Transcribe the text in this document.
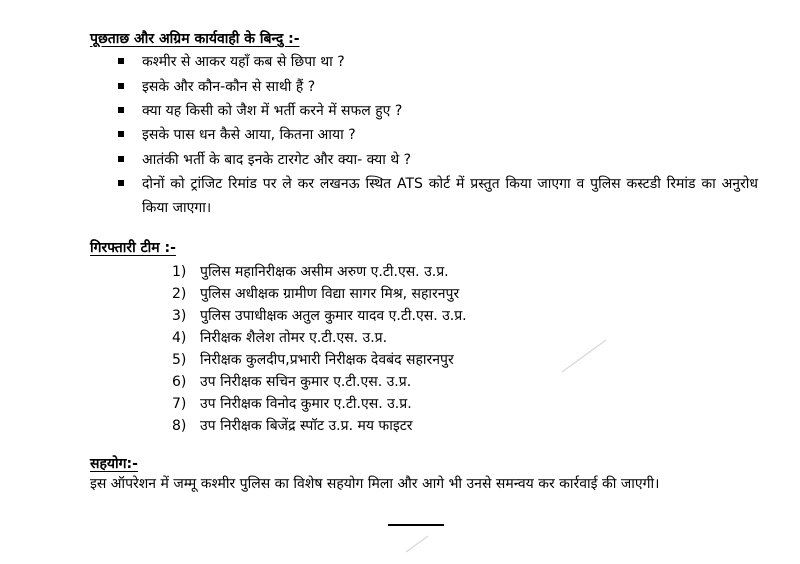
पूछताछ और अग्रिम कार्यवाही के बिन्दु :-
कश्मीर से आकर यहाँ कब से छिपा था ?
इसके और कौन-कौन से साथी हैं ?
क्या यह किसी को जैश में भर्ती करने में सफल हुए ?
इसके पास धन कैसे आया, कितना आया ?
आतंकी भर्ती के बाद इनके टारगेट और क्या- क्या थे ?
दोनों को ट्रांजिट रिमांड पर ले कर लखनऊ स्थित ATS कोर्ट में प्रस्तुत किया जाएगा व पुलिस कस्टडी रिमांड का अनुरोध किया जाएगा।
गिरफ्तारी टीम :-
1) पुलिस महानिरीक्षक असीम अरुण ए.टी.एस. उ.प्र.
2) पुलिस अधीक्षक ग्रामीण विद्या सागर मिश्र, सहारनपुर
3) पुलिस उपाधीक्षक अतुल कुमार यादव ए.टी.एस. उ.प्र.
4) निरीक्षक शैलेश तोमर ए.टी.एस. उ.प्र.
5) निरीक्षक कुलदीप,प्रभारी निरीक्षक देवबंद सहारनपुर
6) उप निरीक्षक सचिन कुमार ए.टी.एस. उ.प्र.
7) उप निरीक्षक विनोद कुमार ए.टी.एस. उ.प्र.
8) उप निरीक्षक बिजेंद्र स्पॉट उ.प्र. मय फाइटर
सहयोग:-
इस ऑपरेशन में जम्मू कश्मीर पुलिस का विशेष सहयोग मिला और आगे भी उनसे समन्वय कर कार्रवाई की जाएगी।
